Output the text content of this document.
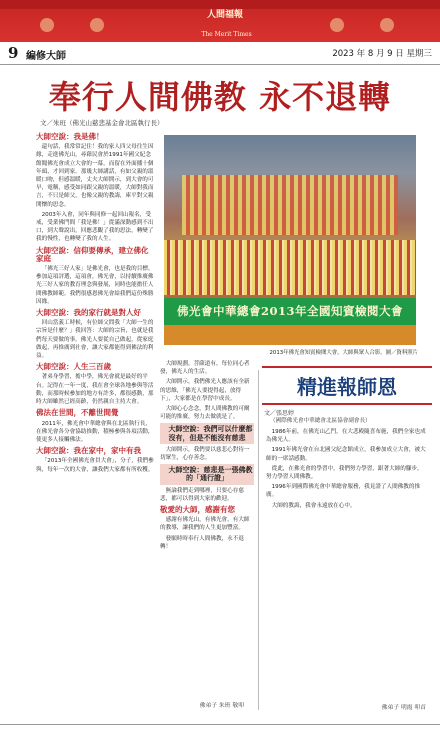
人間福報 The Merit Times
9 編修大師	2023 年 8 月 9 日 星期三
奉行人間佛教 永不退轉
文／朱班（佛光山慈悲基金會北區執行長）
大師空說：我是佛！

還句話，我常常記住！我的家人四父母往生因緣，走進佛光山，尋藉民會於1991年國父紀念館聞佛光會成立大會的一幕，而留在外面播十個年頭，才回到家。那幾大師講話，有如父親的溫暖口吻，但感溫暖，丈夫大師開示，到大會的可早，電稱，感受如同跟父親的溫暖，大師對我而言，不只是師父，也像父親的教誨，庫平對父親開懷的思念。

2003年入會，同年與同修一起回山報名，受戒，受業佛門間「我是佛！」從滿深動感到不出口，到大聲說出，回應悲觀了我的思法，轉變了我的慢性，也轉變了我的人生。

大師空說：信仰要傳承，建立佛化家庭

「佛光三好人家」是佛光會，也是我的目標。參加這項評選，這項會，佛光會，以持續推廣佛光三好人家的教育理念與發展，同時也能擔任人間佛教師範。我們很感恩佛光會給我們這份殊勝因緣。

大師空說：我的家行就是對人好

回山當義工時候，有位師父問我「大師一生的宗旨是什麼？」我回答：大師的宗旨，也就是我們每天要做的事。佛光人要從自己做起，從家庭做起，再推廣到社會，讓大家都能得到佛法的利益。

大師空說：人生三百歲

著弟身學習，擔中學，佛光會就是最好的平台。記得在一年一度，我在會全球各地參與等活動，而那時候參加的地方有許多，都很感動，那時大師雖然已經高齡，仍然親自主持大會。

佛法在世間，不離世間覺

2011年，佛光會中華總會與在北區執行長，在佛光會各分會協助推動，積極參與各項活動，使更多人接觸佛法。

大師空說：我在家中，家中有我

「2013年全國佛光會員大會」，分子，我們參與，每年一次的大會，讓我們大家都有所收穫。

佛光會中華總會2013年全國知賓檢閱大會
2013年佛光會知賓檢閱大會，大師與眾人合影。圖／資料照片

大師規劃，菩薩道有，每位同心者發，佛光人的生活。

大師開示，我們佛光人應該有全新的思維，「佛光人要提得起，放得下」，大家都是在學習中成長。

大師心心念念，對人間佛教的可爾可能的推廣，努力去做就是了。

大師空說：我們可以什麼都沒有，但是不能沒有慈悲

大師開示，我們要以慈悲心對待一切眾生，心存善念。

大師空說：慈悲是一張佛教的「通行證」

無論我們走到哪裡，只要心存慈悲，都可以得到大家的歡迎。

敬愛的大師，感謝有您

感謝有佛光山，有佛光會，有大師的教導，讓我們的人生更加豐富。

發願時時奉行人間佛教，永不退轉！

佛弟子 朱班 敬叩
精進報師恩
文／張思婷
（國際佛光會中華總會北區協會副會長）

1986年前，在佛光山乙門，在大悲殿隨喜布施，我們全家也成為佛光人。

1991年佛光會在台北國父紀念館成立，我參加成立大會，被大師的一席話感動。

從此，在佛光會的學習中，我們努力學習，跟著大師的腳步，努力學習人間佛教。

1996年到國際佛光會中華總會服務，我見證了人間佛教的推廣。

大師的教誨，我會永遠放在心中。

佛弟子 明霞 叩首
